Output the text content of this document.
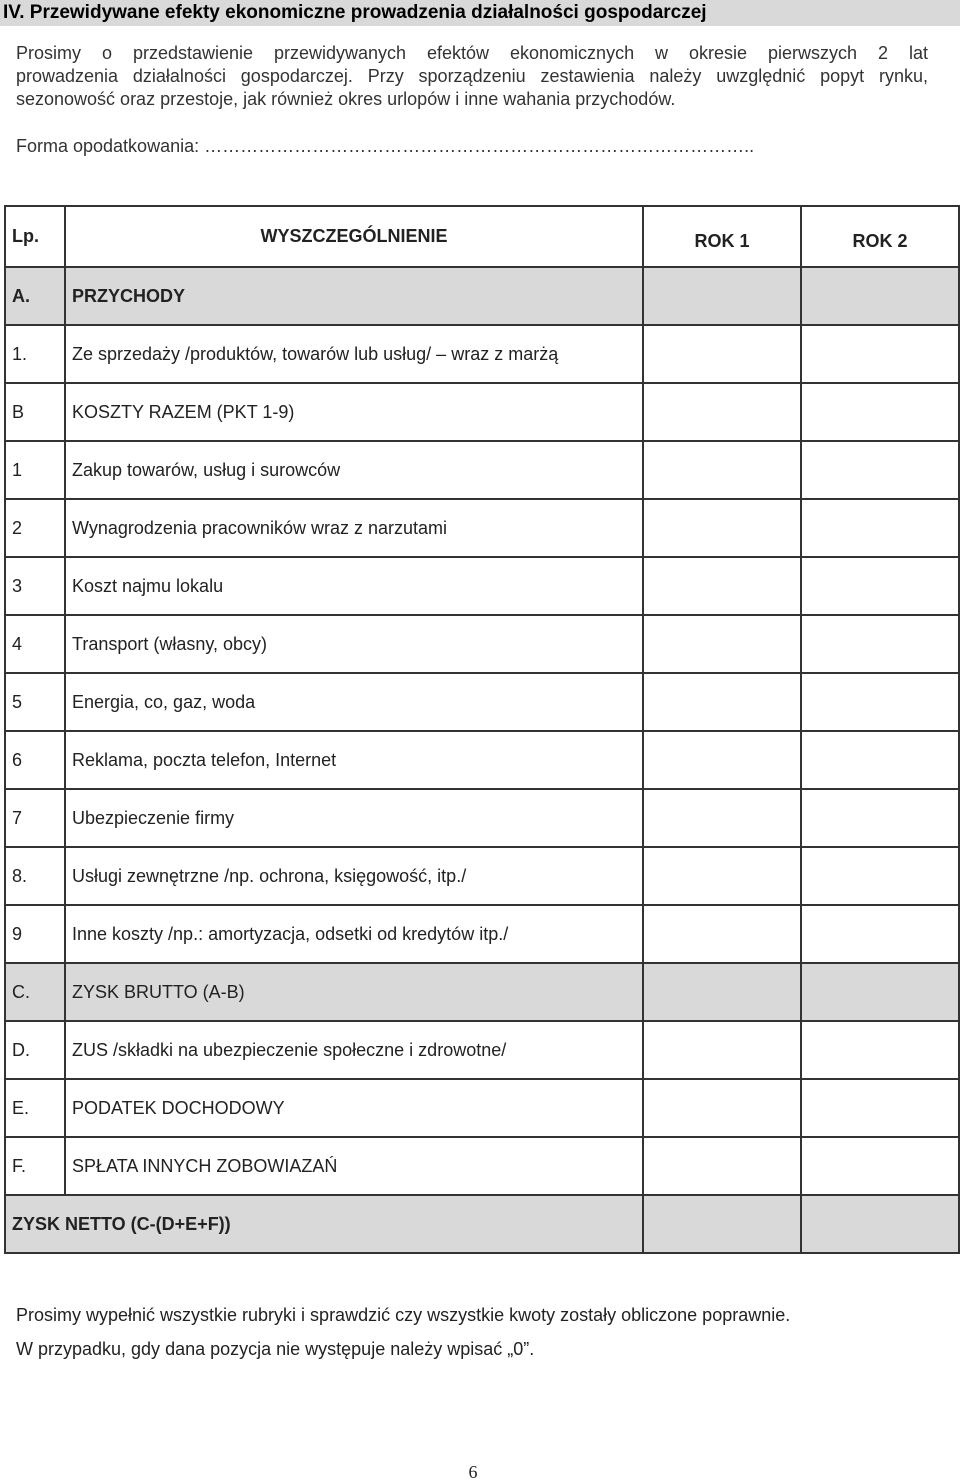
IV. Przewidywane efekty ekonomiczne prowadzenia działalności gospodarczej
Prosimy o przedstawienie przewidywanych efektów ekonomicznych w okresie pierwszych 2 lat
prowadzenia działalności gospodarczej. Przy sporządzeniu zestawienia należy uwzględnić popyt rynku,
sezonowość oraz przestoje, jak również okres urlopów i inne wahania przychodów.
Forma opodatkowania: ………………………………………………………………………………..
Lp.	WYSZCZEGÓLNIENIE	ROK 1	ROK 2
A.	PRZYCHODY		
1.	Ze sprzedaży /produktów, towarów lub usług/ – wraz z marżą		
B	KOSZTY RAZEM (PKT 1-9)		
1	Zakup towarów, usług i surowców		
2	Wynagrodzenia pracowników wraz z narzutami		
3	Koszt najmu lokalu		
4	Transport (własny, obcy)		
5	Energia, co, gaz, woda		
6	Reklama, poczta telefon, Internet		
7	Ubezpieczenie firmy		
8.	Usługi zewnętrzne /np. ochrona, księgowość, itp./		
9	Inne koszty /np.: amortyzacja, odsetki od kredytów itp./		
C.	ZYSK BRUTTO (A-B)		
D.	ZUS /składki na ubezpieczenie społeczne i zdrowotne/		
E.	PODATEK DOCHODOWY		
F.	SPŁATA INNYCH ZOBOWIAZAŃ		
ZYSK NETTO (C-(D+E+F))			
Prosimy wypełnić wszystkie rubryki i sprawdzić czy wszystkie kwoty zostały obliczone poprawnie.
W przypadku, gdy dana pozycja nie występuje należy wpisać „0”.
6
